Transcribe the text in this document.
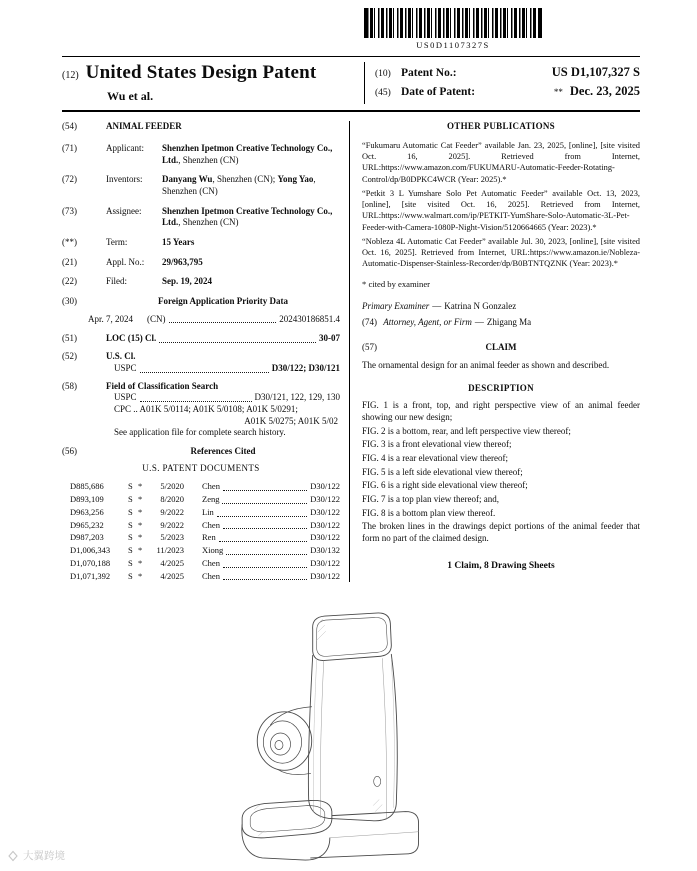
US0D1107327S
(12) United States Design Patent
Wu et al.
(10) Patent No.:	US D1,107,327 S
(45) Date of Patent:	** Dec. 23, 2025
(54)	ANIMAL FEEDER
(71)	Applicant:	Shenzhen Ipetmon Creative Technology Co., Ltd., Shenzhen (CN)
(72)	Inventors:	Danyang Wu, Shenzhen (CN); Yong Yao, Shenzhen (CN)
(73)	Assignee:	Shenzhen Ipetmon Creative Technology Co., Ltd., Shenzhen (CN)
(**)	Term:	15 Years
(21)	Appl. No.:	29/963,795
(22)	Filed:	Sep. 19, 2024
(30)	Foreign Application Priority Data
Apr. 7, 2024 (CN)	202430186851.4
(51)	LOC (15) Cl.	30-07
(52)	U.S. Cl.
USPC	D30/122; D30/121
(58)	Field of Classification Search
USPC	D30/121, 122, 129, 130
CPC .. A01K 5/0114; A01K 5/0108; A01K 5/0291;
A01K 5/0275; A01K 5/02
See application file for complete search history.
(56)	References Cited
U.S. PATENT DOCUMENTS
D885,686	S *	5/2020 Chen	D30/122
D893,109	S *	8/2020 Zeng	D30/122
D963,256	S *	9/2022 Lin	D30/122
D965,232	S *	9/2022 Chen	D30/122
D987,203	S *	5/2023 Ren	D30/122
D1,006,343	S *	11/2023 Xiong	D30/132
D1,070,188	S *	4/2025 Chen	D30/122
D1,071,392	S *	4/2025 Chen	D30/122
OTHER PUBLICATIONS

“Fukumaru Automatic Cat Feeder” available Jan. 23, 2025, [online], [site visited Oct. 16, 2025]. Retrieved from Internet, URL:https://www.amazon.com/FUKUMARU-Automatic-Feeder-Rotating-Control/dp/B0DPKC4WCR (Year: 2025).*

“Petkit 3 L Yumshare Solo Pet Automatic Feeder” available Oct. 13, 2023, [online], [site visited Oct. 16, 2025]. Retrieved from Internet, URL:https://www.walmart.com/ip/PETKIT-YumShare-Solo-Automatic-3L-Pet-Feeder-with-Camera-1080P-Night-Vision/5120664665 (Year: 2023).*

“Nobleza 4L Automatic Cat Feeder” available Jul. 30, 2023, [online], [site visited Oct. 16, 2025]. Retrieved from Internet, URL:https://www.amazon.ie/Nobleza-Automatic-Dispenser-Stainless-Recorder/dp/B0BTNTQZNK (Year: 2023).*

* cited by examiner
Primary Examiner — Katrina N Gonzalez
(74) Attorney, Agent, or Firm — Zhigang Ma
(57)	CLAIM

The ornamental design for an animal feeder as shown and described.

DESCRIPTION

FIG. 1 is a front, top, and right perspective view of an animal feeder showing our new design;

FIG. 2 is a bottom, rear, and left perspective view thereof;

FIG. 3 is a front elevational view thereof;

FIG. 4 is a rear elevational view thereof;

FIG. 5 is a left side elevational view thereof;

FIG. 6 is a right side elevational view thereof;

FIG. 7 is a top plan view thereof; and,

FIG. 8 is a bottom plan view thereof.

The broken lines in the drawings depict portions of the animal feeder that form no part of the claimed design.

1 Claim, 8 Drawing Sheets
大翼跨境
